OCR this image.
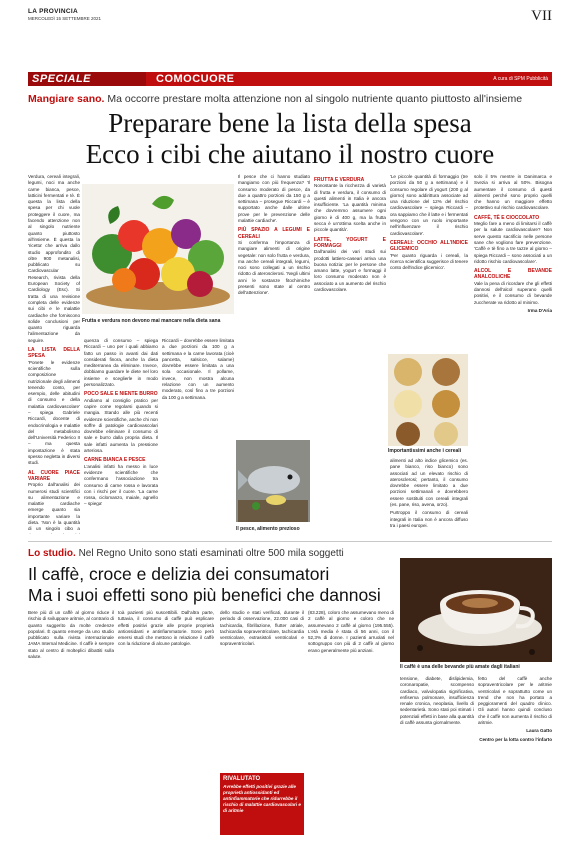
LA PROVINCIA
MERCOLEDÌ 15 SETTEMBRE 2021	VII
SPECIALE	COMOCUORE	A cura di SPM Pubblicità
Mangiare sano. Ma occorre prestare molta attenzione non al singolo nutriente quanto piuttosto all'insieme
Preparare bene la lista della spesa
Ecco i cibi che aiutano il nostro cuore
Frutta e verdura non devono mai mancare nella dieta sana
Il pesce, alimento prezioso
Importantissimi anche i cereali

Verdura, cereali integrali, legumi, noci ma anche carne bianca, pesce, latticini fermentati e tè. È questa la lista della spesa per chi vuole proteggere il cuore, ma facendo attenzione non al singolo nutriente quanto piuttosto all'insieme. È questa la 'ricetta' che arriva dallo studio approfondito di oltre 900 metanalisi, pubblicato su Cardiovascular Research, rivista della European Society of Cardiology (Esc). Si tratta di una revisione completa delle evidenze sui cibi e le malattie cardiache che forniscono solide conclusioni per quanto riguarda l'alimentazione da seguire.

LA LISTA DELLA SPESA

'Ponete le evidenze scientifiche sulla composizione nutrizionale degli alimenti tenendo conto, per esempio, delle abitudini di consumo e della malattia cardiovascolare' – spiega Gabriele Riccardi, docente di endocrinologia e malattie del metabolismo dell'Università Federico II – ma questa impostazione è stata spesso negletta in diversi studi.

AL CUORE PIACE VARIARE

Proprio dall'analisi dei numerosi studi scientifici su alimentazione e malattie cardiache emerge quanto sia importante variare la dieta. 'Non è la quantità di un singolo cibo a

quenza di consumo – spiega Riccardi – uno per i quali abbiamo fatto un passo in avanti dai dati considerati finora, anche la dieta mediterranea da eliminare. Invece, dobbiamo guardare le diete nel loro insieme e sceglierle in modo personalizzato.

POCO SALE E NIENTE BURRO

Andiamo al consiglio pratico per capire come regolarsi quando si mangia. Stando alle più recenti evidenze scientifiche, anche chi non soffre di patologie cardiovascolari dovrebbe eliminare il consumo di sale e burro dalla propria dieta. Il sale infatti aumenta la pressione arteriosa.

CARNE BIANCA E PESCE

L'analisi infatti ha messo in luce evidenze scientifiche che confermano l'associazione tra consumo di carne rossa e lavorata con i rischi per il cuore. 'La carne rossa, ciclomanzo, maiale, agnello – spiega'

Riccardi – dovrebbe essere limitata a due porzioni da 100 g a settimana e la carne lavorata (cioè pancetta, salsicce, salame) dovrebbe essere limitata a una sola occasionale. Il pollame, invece, non mostra alcuna relazione con un aumento moderato, così fino a tre porzioni da 100 g a settimana.

Il pesce che ci hanno studiato mangiamo con più frequenza? 'Il consumo moderato di pesce, da due a quattro porzioni da 150 g a settimana – prosegue Riccardi – è supportato anche dalle ultime prove per le prevenzione delle malattie cardiache'.

PIÙ SPAZIO A LEGUMI E CEREALI

Si conferma l'importanza di mangiare alimenti di origine vegetale: non solo frutta e verdura, ma anche cereali integrali, legumi, noci sono collegati a un rischio ridotto di aterosclerosi. 'Negli ultimi anni le sostanze fitochimiche presenti sono state al centro dell'attenzione'.

FRUTTA E VERDURA

Nonostante la ricchezza di varietà di frutta e verdura, il consumo di questi alimenti in Italia è ancora insufficiente. 'La quantità minima che dovremmo assumere ogni giorno è di 400 g, ma la frutta secca è un'ottima scelta anche in piccole quantità'.

LATTE, YOGURT E FORMAGGI

Dall'analisi dei vari studi sui prodotti lattiero-caseari arriva una buona notizia: per le persone che amano latte, yogurt e formaggi il loro consumo moderato non è associato a un aumento del rischio cardiovascolare.

'Le piccole quantità di formaggio (tre porzioni da 50 g a settimana) e il consumo regolare di yogurt (200 g al giorno) sono addirittura associate ad una riduzione del 12% del rischio cardiovascolare – spiega Riccardi – ora sappiamo che il latte e i fermentati vengono con un ruolo importante nell'influenzare il rischio cardiovascolare'.

CEREALI: OCCHIO ALL'INDICE GLICEMICO

'Per quanto riguarda i cereali, la ricerca scientifica suggerisce di tenere conto dell'indice glicemico'.

alimenti ad alto indice glicemico (es. pane bianco, riso bianco) sono associati ad un elevato rischio di aterosclerosi; pertanto, il consumo dovrebbe essere limitato a due porzioni settimanali e dovrebbero essere sostituiti con cereali integrali (es. pane, riso, avena, orzo).

Purtroppo il consumo di cereali integrali in Italia non è ancora diffuso tra i paesi europei.

solo il 5% mentre in Danimarca e Svezia si arriva al 50%. Bisogna aumentare il consumo di questi alimenti perché sono proprio quelli che hanno un maggiore effetto protettivo sul rischio cardiovascolare.

CAFFÈ, TÈ E CIOCCOLATO

Meglio fare a meno di limitarsi il caffè per la salute cardiovascolare? Non serve questo sacrificio nelle persone sane che vogliono fare prevenzione. 'Caffè e tè fino a tre tazze al giorno – spiega Riccardi – sono associati a un ridotto rischio cardiovascolare'.

ALCOL E BEVANDE ANALCOLICHE

Vale la pena di ricordare che gli effetti dannosi dell'alcol superano quelli positivi, e il consumo di bevande zuccherate va ridotto al minimo.

Irma D'Aria

Lo studio. Nel Regno Unito sono stati esaminati oltre 500 mila soggetti
Il caffè, croce e delizia dei consumatori
Ma i suoi effetti sono più benefici che dannosi
Il caffè è una delle bevande più amate dagli italiani

Bere più di un caffè al giorno riduce il rischio di sviluppare aritmie, al contrario di quanto suggerito da molte credenze popolari. È quanto emerge da uno studio pubblicato sulla rivista internazionale JAMA Internal Medicine. Il caffè è sempre stato al centro di molteplici dibattiti sulla salute.

toà pazienti più suscettibili. Dall'altra parte, tuttavia, il consumo di caffè può esplicare effetti positivi grazie alle proprie proprietà antiossidanti e antinfiammatorie. Sono però emersi studi che mettono in relazione il caffè con la riduzione di alcune patologie.

dello studio e stati verificati, durante il periodo di osservazione, 22.000 casi di tachicardia, fibrillazione, flutter atriale, tachicardia sopraventricolare, tachicardia ventricolare, extrasistoli ventricolari e sopraventricolari.

(83.228), coloro che assumevano meno di 2 caffè al giorno e coloro che ne assumevano 2 caffè al giorno (195.555). L'età media è stata di 56 anni, con il 52,3% di donne. I pazienti arruolati nel sottogruppo con più di 2 caffè al giorno erano generalmente più anziani.

tensione, diabete, dislipidemia, coronaropatie, scompenso cardiaco, valvulopatia significativa, enfisema polmonare, insufficienza renale cronica, neoplasia, livello di sedentarietà. Sono stati poi stimati i potenziali effetti in base alla quantità di caffè assunta giornalmente.

fetto del caffè anche sopraventricolare per le aritmie ventricolari e soprattutto come un trend che non ha portato a peggioramenti del quadro clinico. Gli autori hanno quindi concluso che il caffè non aumenta il rischio di aritmie.

Laura Gatto

Centro per la lotta contro l'infarto

RIVALUTATO
Avrebbe effetti positivi grazie alle proprietà antiossidanti ed antinfiammatorie che ridurrebbe il rischio di malattie cardiovascolari e di aritmie
